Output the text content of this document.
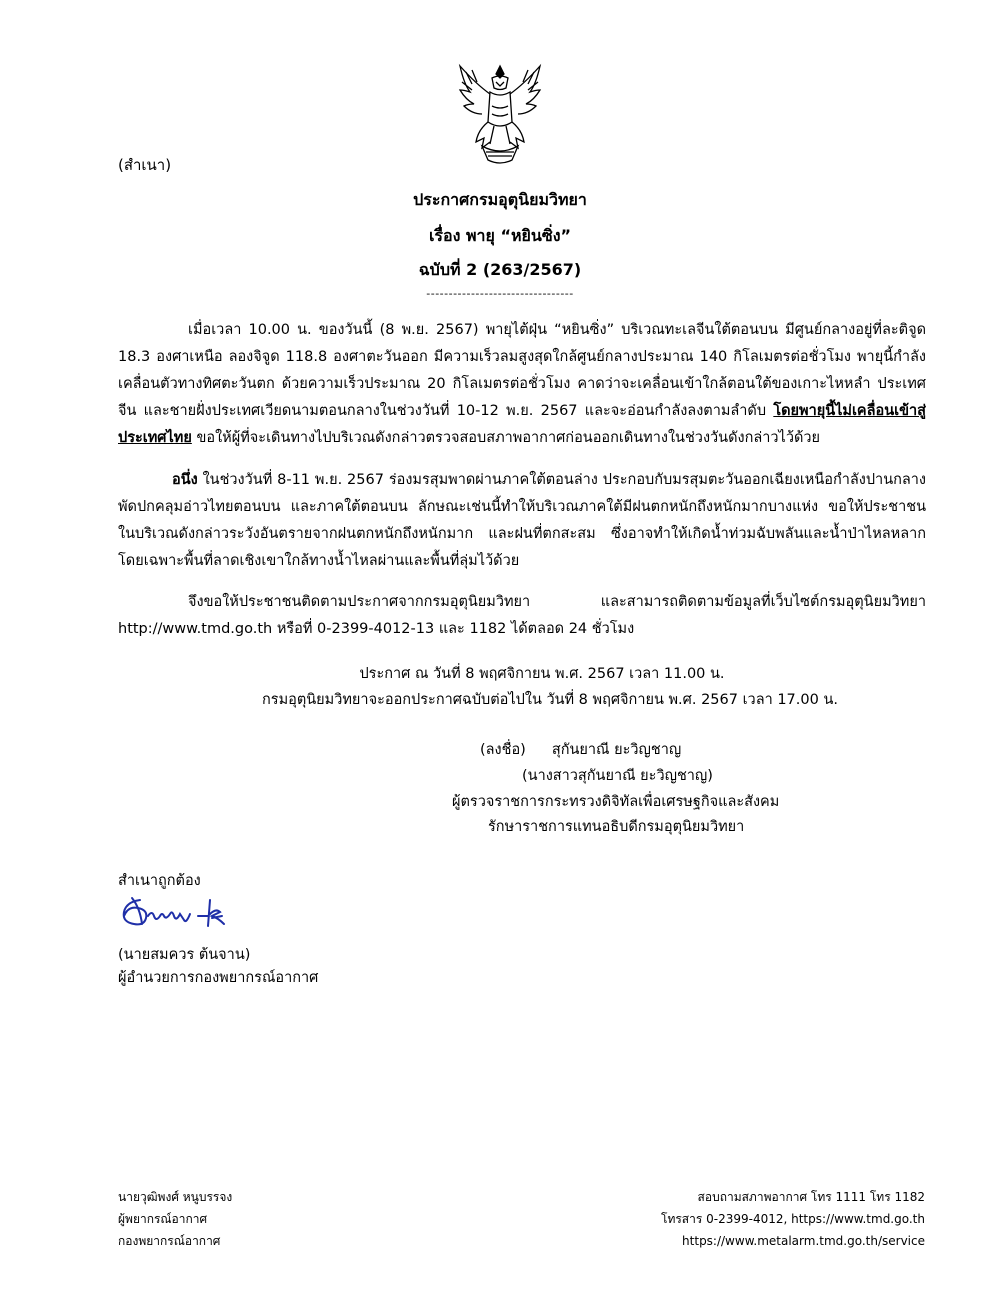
(สำเนา)
ประกาศกรมอุตุนิยมวิทยา
เรื่อง พายุ “หยินซิ่ง”
ฉบับที่ 2 (263/2567)
---------------------------------
เมื่อเวลา 10.00 น. ของวันนี้ (8 พ.ย. 2567) พายุไต้ฝุ่น “หยินซิ่ง” บริเวณทะเลจีนใต้ตอนบน มีศูนย์กลางอยู่ที่ละติจูด 18.3 องศาเหนือ ลองจิจูด 118.8 องศาตะวันออก มีความเร็วลมสูงสุดใกล้ศูนย์กลางประมาณ 140 กิโลเมตรต่อชั่วโมง พายุนี้กำลังเคลื่อนตัวทางทิศตะวันตก ด้วยความเร็วประมาณ 20 กิโลเมตรต่อชั่วโมง คาดว่าจะเคลื่อนเข้าใกล้ตอนใต้ของเกาะไหหลำ ประเทศจีน และชายฝั่งประเทศเวียดนามตอนกลางในช่วงวันที่ 10-12 พ.ย. 2567 และจะอ่อนกำลังลงตามลำดับ โดยพายุนี้ไม่เคลื่อนเข้าสู่ประเทศไทย ขอให้ผู้ที่จะเดินทางไปบริเวณดังกล่าวตรวจสอบสภาพอากาศก่อนออกเดินทางในช่วงวันดังกล่าวไว้ด้วย
อนึ่ง ในช่วงวันที่ 8-11 พ.ย. 2567 ร่องมรสุมพาดผ่านภาคใต้ตอนล่าง ประกอบกับมรสุมตะวันออกเฉียงเหนือกำลังปานกลางพัดปกคลุมอ่าวไทยตอนบน และภาคใต้ตอนบน ลักษณะเช่นนี้ทำให้บริเวณภาคใต้มีฝนตกหนักถึงหนักมากบางแห่ง ขอให้ประชาชนในบริเวณดังกล่าวระวังอันตรายจากฝนตกหนักถึงหนักมาก และฝนที่ตกสะสม ซึ่งอาจทำให้เกิดน้ำท่วมฉับพลันและน้ำป่าไหลหลาก โดยเฉพาะพื้นที่ลาดเชิงเขาใกล้ทางน้ำไหลผ่านและพื้นที่ลุ่มไว้ด้วย
จึงขอให้ประชาชนติดตามประกาศจากกรมอุตุนิยมวิทยา และสามารถติดตามข้อมูลที่เว็บไซต์กรมอุตุนิยมวิทยา http://www.tmd.go.th หรือที่ 0-2399-4012-13 และ 1182 ได้ตลอด 24 ชั่วโมง
ประกาศ ณ วันที่ 8 พฤศจิกายน พ.ศ. 2567 เวลา 11.00 น.
กรมอุตุนิยมวิทยาจะออกประกาศฉบับต่อไปใน วันที่ 8 พฤศจิกายน พ.ศ. 2567 เวลา 17.00 น.
(ลงชื่อ) สุกันยาณี ยะวิญชาญ
(นางสาวสุกันยาณี ยะวิญชาญ)
ผู้ตรวจราชการกระทรวงดิจิทัลเพื่อเศรษฐกิจและสังคม
รักษาราชการแทนอธิบดีกรมอุตุนิยมวิทยา
สำเนาถูกต้อง
(นายสมควร ต้นจาน)
ผู้อำนวยการกองพยากรณ์อากาศ
นายวุฒิพงศ์ หนูบรรจง
ผู้พยากรณ์อากาศ
กองพยากรณ์อากาศ
สอบถามสภาพอากาศ โทร 1111 โทร 1182
โทรสาร 0-2399-4012, https://www.tmd.go.th
https://www.metalarm.tmd.go.th/service
